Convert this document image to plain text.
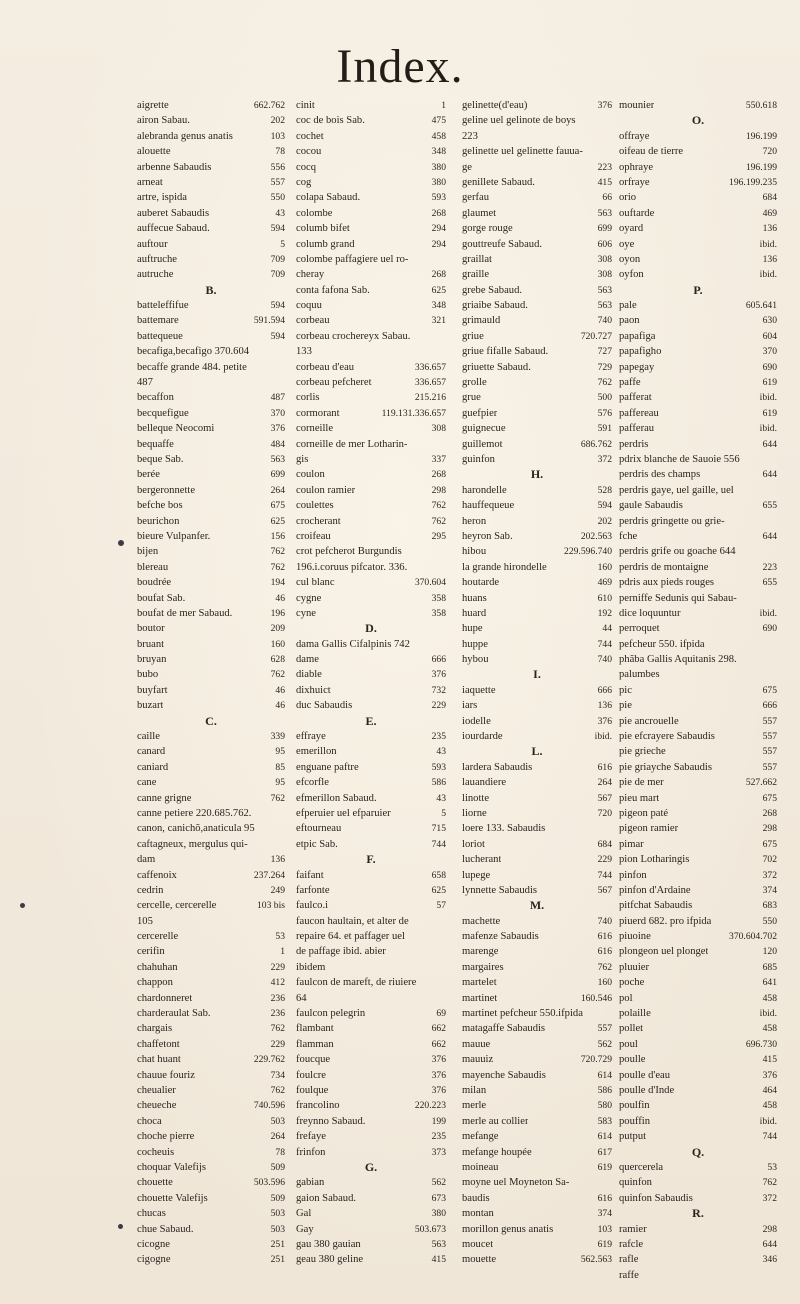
Index.
aigrette	662.762
airon Sabau.	202
alebranda genus anatis	103
alouette	78
arbenne Sabaudis	556
arneat	557
artre, ispida	550
auberet Sabaudis	43
auffecue Sabaud.	594
auftour	5
auftruche	709
autruche	709
B.
batteleffifue	594
battemare	591.594
battequeue	594
becafiga,becafigo 370.604
becaffe grande 484. petite
487
becaffon	487
becquefigue	370
belleque Neocomi	376
bequaffe	484
beque Sab.	563
berée	699
bergeronnette	264
befche bos	675
beurichon	625
bieure Vulpanfer.	156
bijen	762
blereau	762
boudrée	194
boufat Sab.	46
boufat de mer Sabaud.	196
boutor	209
bruant	160
bruyan	628
bubo	762
buyfart	46
buzart	46
C.
caille	339
canard	95
caniard	85
cane	95
canne grigne	762
canne petiere 220.685.762.
canon, canichõ,anaticula 95
caftagneux, mergulus qui-
dam	136
caffenoix	237.264
cedrin	249
cercelle, cercerelle	103 bis
105
cercerelle	53
cerifin	1
chahuhan	229
chappon	412
chardonneret	236
charderaulat Sab.	236
chargais	762
chaffetont	229
chat huant	229.762
chauue fouriz	734
cheualier	762
cheueche	740.596
choca	503
choche pierre	264
cocheuis	78
choquar Valefijs	509
chouette	503.596
chouette Valefijs	509
chucas	503
chue Sabaud.	503
cicogne	251
cigogne	251
cinit	1
coc de bois Sab.	475
cochet	458
cocou	348
cocq	380
cog	380
colapa Sabaud.	593
colombe	268
columb bifet	294
columb grand	294
colombe paffagiere uel ro-
cheray	268
conta fafona Sab.	625
coquu	348
corbeau	321
corbeau crochereyx Sabau.
133
corbeau d'eau	336.657
corbeau pefcheret	336.657
corlis	215.216
cormorant	119.131.336.657
corneille	308
corneille de mer Lotharin-
gis	337
coulon	268
coulon ramier	298
coulettes	762
crocherant	762
croifeau	295
crot pefcherot Burgundis
196.i.coruus pifcator. 336.
cul blanc	370.604
cygne	358
cyne	358
D.
dama Gallis Cifalpinis 742
dame	666
diable	376
dixhuict	732
duc Sabaudis	229
E.
effraye	235
emerillon	43
enguane paftre	593
efcorfle	586
efmerillon Sabaud.	43
efperuier uel efparuier	5
eftourneau	715
etpic Sab.	744
F.
faifant	658
farfonte	625
faulco.i	57
faucon haultain, et alter de
repaire 64. et paffager uel
de paffage ibid. abier
ibidem
faulcon de mareft, de riuiere
64
faulcon pelegrin	69
flambant	662
flamman	662
foucque	376
foulcre	376
foulque	376
francolino	220.223
freynno Sabaud.	199
frefaye	235
frinfon	373
G.
gabian	562
gaion Sabaud.	673
Gal	380
Gay	503.673
gau 380 gauian	563
geau 380 geline	415
gelinette(d'eau)	376
geline uel gelinote de boys
223
gelinette uel gelinette fauua-
ge	223
genillete Sabaud.	415
gerfau	66
glaumet	563
gorge rouge	699
gouttreufe Sabaud.	606
graillat	308
graille	308
grebe Sabaud.	563
griaibe Sabaud.	563
grimauld	740
griue	720.727
griue fifalle Sabaud.	727
griuette Sabaud.	729
grolle	762
grue	500
guefpier	576
guignecue	591
guillemot	686.762
guinfon	372
H.
harondelle	528
hauffequeue	594
heron	202
heyron Sab.	202.563
hibou	229.596.740
la grande hirondelle	160
houtarde	469
huans	610
huard	192
hupe	44
huppe	744
hybou	740
I.
iaquette	666
iars	136
iodelle	376
iourdarde	ibid.
L.
lardera Sabaudis	616
lauandiere	264
linotte	567
liorne	720
loere 133. Sabaudis
loriot	684
lucherant	229
lupege	744
lynnette Sabaudis	567
M.
machette	740
mafenze Sabaudis	616
marenge	616
margaires	762
martelet	160
martinet	160.546
martinet pefcheur 550.ifpida
matagaffe Sabaudis	557
mauue	562
mauuiz	720.729
mayenche Sabaudis	614
milan	586
merle	580
merle au collier	583
mefange	614
mefange houpée	617
moineau	619
moyne uel Moyneton Sa-
baudis	616
montan	374
morillon genus anatis	103
moucet	619
mouette	562.563
mounier	550.618
O.
offraye	196.199
oifeau de tierre	720
ophraye	196.199
orfraye	196.199.235
orio	684
ouftarde	469
oyard	136
oye	ibid.
oyon	136
oyfon	ibid.
P.
pale	605.641
paon	630
papafiga	604
papafigho	370
papegay	690
paffe	619
pafferat	ibid.
paffereau	619
pafferau	ibid.
perdris	644
pdrix blanche de Sauoie 556
perdris des champs	644
perdris gaye, uel gaille, uel
gaule Sabaudis	655
perdris gringette ou grie-
fche	644
perdris grife ou goache 644
perdris de montaigne	223
pdris aux pieds rouges	655
perniffe Sedunis qui Sabau-
dice loquuntur	ibid.
perroquet	690
pefcheur 550. ifpida
phãba Gallis Aquitanis 298.
palumbes
pic	675
pie	666
pie ancrouelle	557
pie efcrayere Sabaudis	557
pie grieche	557
pie griayche Sabaudis	557
pie de mer	527.662
pieu mart	675
pigeon paté	268
pigeon ramier	298
pimar	675
pion Lotharingis	702
pinfon	372
pinfon d'Ardaine	374
pitfchat Sabaudis	683
piuerd 682. pro ifpida	550
piuoine	370.604.702
plongeon uel plonget	120
pluuier	685
poche	641
pol	458
polaille	ibid.
pollet	458
poul	696.730
poulle	415
poulle d'eau	376
poulle d'Inde	464
poulfin	458
pouffin	ibid.
putput	744
Q.
quercerela	53
quinfon	762
quinfon Sabaudis	372
R.
ramier	298
rafcle	644
rafle	346
raffe
